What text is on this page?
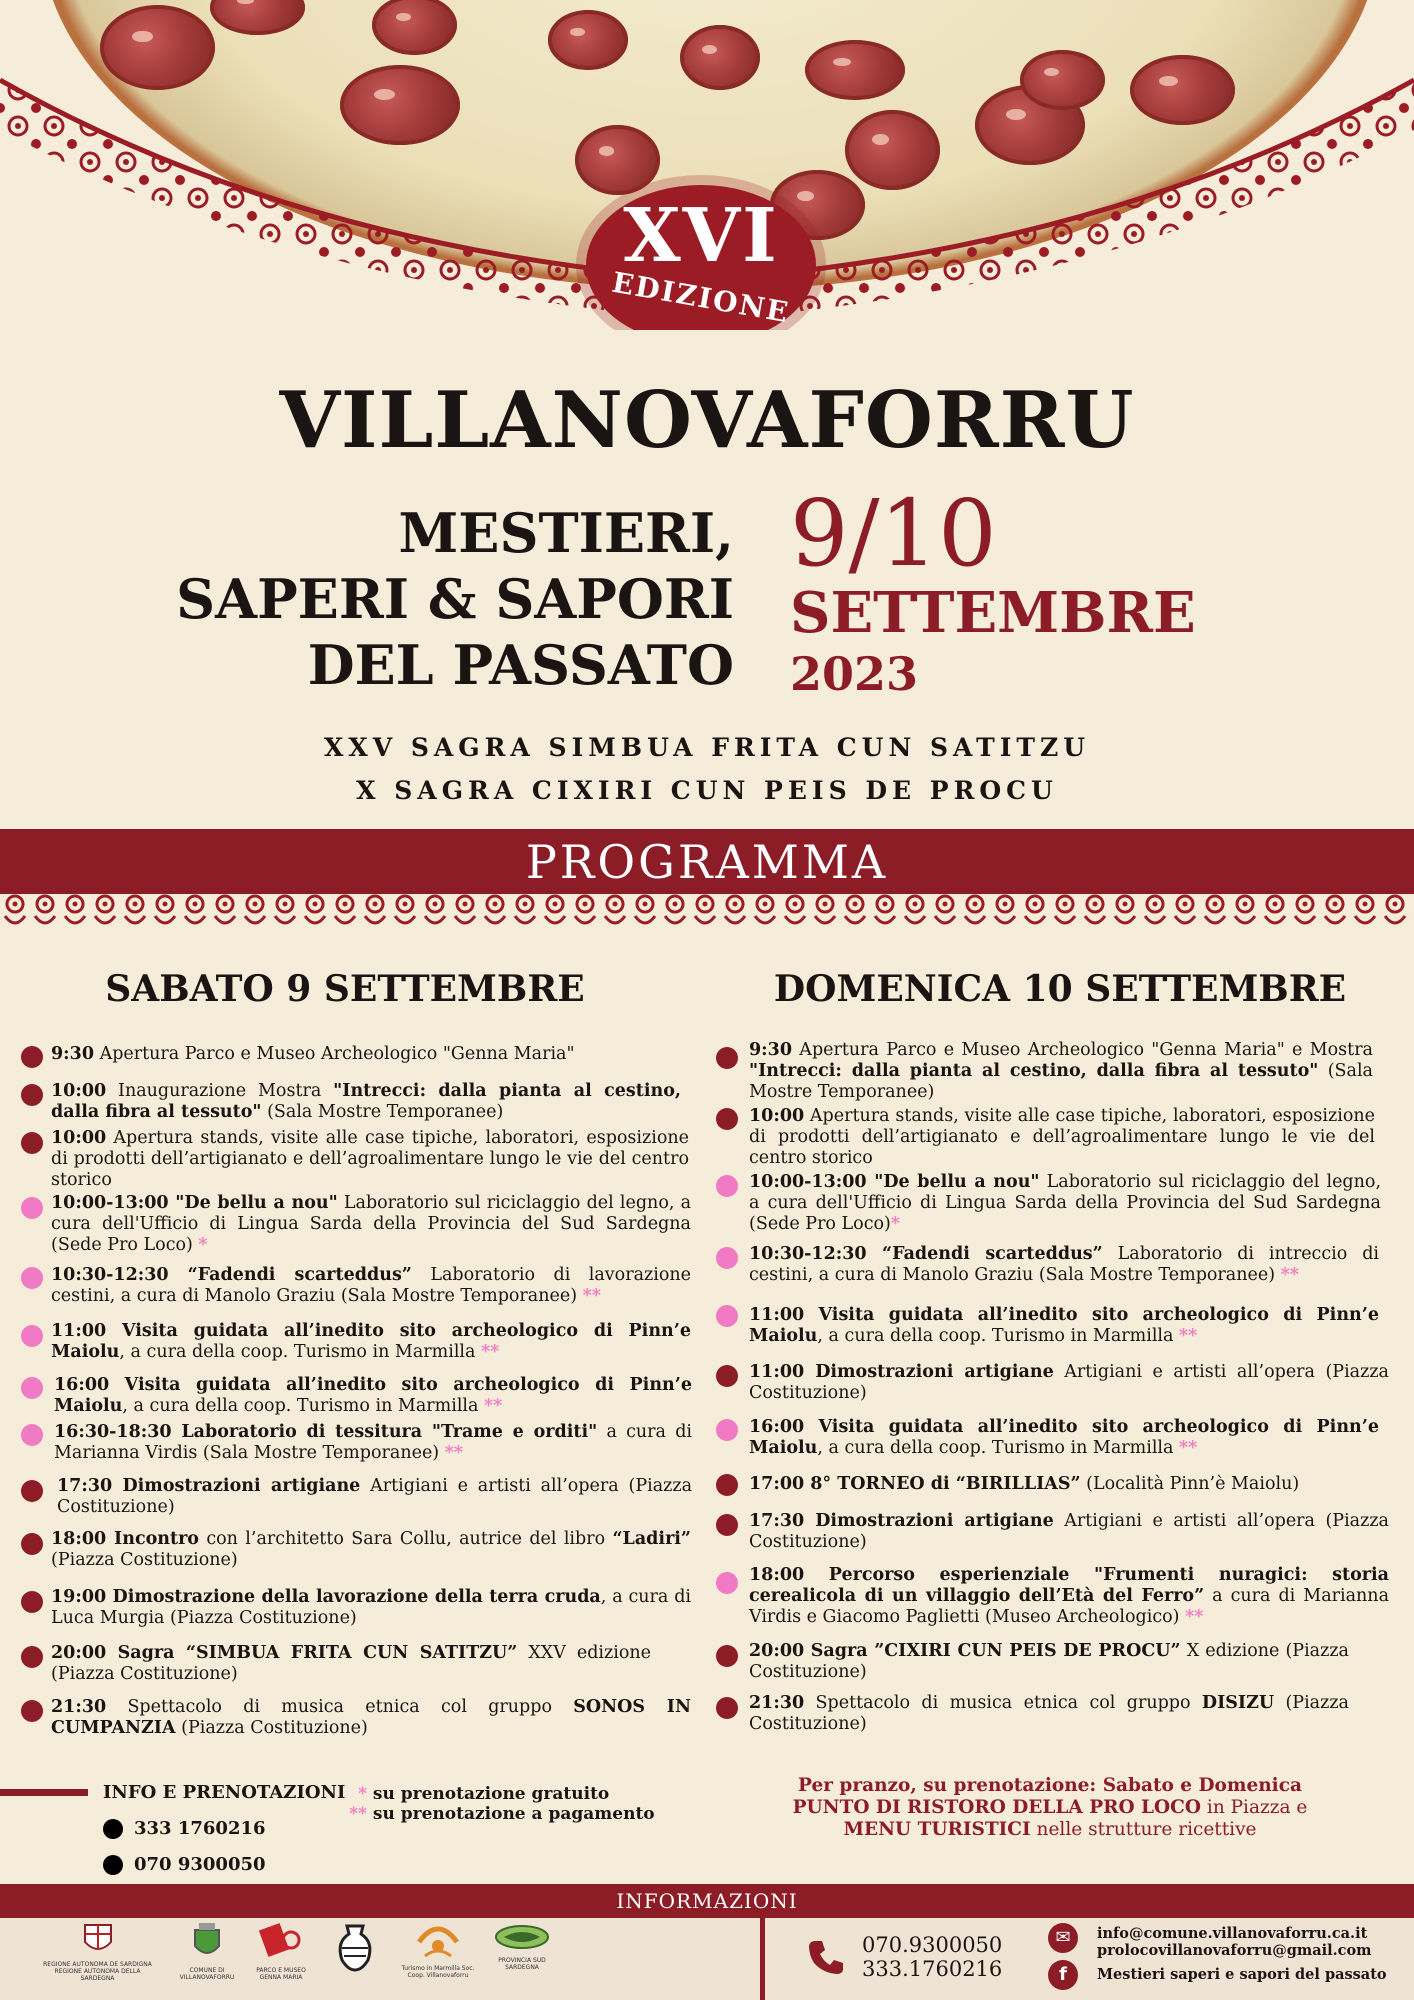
XVI
EDIZIONE
VILLANOVAFORRU
MESTIERI,
SAPERI & SAPORI
DEL PASSATO
9/10
SETTEMBRE
2023
XXV SAGRA SIMBUA FRITA CUN SATITZU
X SAGRA CIXIRI CUN PEIS DE PROCU
PROGRAMMA
SABATO 9 SETTEMBRE
9:30 Apertura Parco e Museo Archeologico "Genna Maria"
10:00 Inaugurazione Mostra "Intrecci: dalla pianta al cestino, dalla fibra al tessuto" (Sala Mostre Temporanee)
10:00 Apertura stands, visite alle case tipiche, laboratori, esposizione di prodotti dell’artigianato e dell’agroalimentare lungo le vie del centro storico
10:00-13:00 "De bellu a nou" Laboratorio sul riciclaggio del legno, a cura dell'Ufficio di Lingua Sarda della Provincia del Sud Sardegna (Sede Pro Loco) *
10:30-12:30 “Fadendi scarteddus” Laboratorio di lavorazione cestini, a cura di Manolo Graziu (Sala Mostre Temporanee) **
11:00 Visita guidata all’inedito sito archeologico di Pinn’e Maiolu, a cura della coop. Turismo in Marmilla **
16:00 Visita guidata all’inedito sito archeologico di Pinn’e Maiolu, a cura della coop. Turismo in Marmilla **
16:30-18:30 Laboratorio di tessitura "Trame e orditi" a cura di Marianna Virdis (Sala Mostre Temporanee) **
17:30 Dimostrazioni artigiane Artigiani e artisti all’opera (Piazza Costituzione)
18:00 Incontro con l’architetto Sara Collu, autrice del libro “Ladiri” (Piazza Costituzione)
19:00 Dimostrazione della lavorazione della terra cruda, a cura di Luca Murgia (Piazza Costituzione)
20:00 Sagra “SIMBUA FRITA CUN SATITZU” XXV edizione (Piazza Costituzione)
21:30 Spettacolo di musica etnica col gruppo SONOS IN CUMPANZIA (Piazza Costituzione)
DOMENICA 10 SETTEMBRE
9:30 Apertura Parco e Museo Archeologico "Genna Maria" e Mostra "Intrecci: dalla pianta al cestino, dalla fibra al tessuto" (Sala Mostre Temporanee)
10:00 Apertura stands, visite alle case tipiche, laboratori, esposizione di prodotti dell’artigianato e dell’agroalimentare lungo le vie del centro storico
10:00-13:00 "De bellu a nou" Laboratorio sul riciclaggio del legno, a cura dell'Ufficio di Lingua Sarda della Provincia del Sud Sardegna (Sede Pro Loco)*
10:30-12:30 “Fadendi scarteddus” Laboratorio di intreccio di cestini, a cura di Manolo Graziu (Sala Mostre Temporanee) **
11:00 Visita guidata all’inedito sito archeologico di Pinn’e Maiolu, a cura della coop. Turismo in Marmilla **
11:00 Dimostrazioni artigiane Artigiani e artisti all’opera (Piazza Costituzione)
16:00 Visita guidata all’inedito sito archeologico di Pinn’e Maiolu, a cura della coop. Turismo in Marmilla **
17:00 8° TORNEO di “BIRILLIAS” (Località Pinn’è Maiolu)
17:30 Dimostrazioni artigiane Artigiani e artisti all’opera (Piazza Costituzione)
18:00 Percorso esperienziale "Frumenti nuragici: storia cerealicola di un villaggio dell’Età del Ferro” a cura di Marianna Virdis e Giacomo Paglietti (Museo Archeologico) **
20:00 Sagra ”CIXIRI CUN PEIS DE PROCU” X edizione (Piazza Costituzione)
21:30 Spettacolo di musica etnica col gruppo DISIZU (Piazza Costituzione)
INFO E PRENOTAZIONI
333 1760216
070 9300050
* su prenotazione gratuito
** su prenotazione a pagamento
Per pranzo, su prenotazione: Sabato e Domenica
PUNTO DI RISTORO DELLA PRO LOCO in Piazza e
MENU TURISTICI nelle strutture ricettive
INFORMAZIONI
REGIONE AUTONOMA DE SARDIGNA REGIONE AUTONOMA DELLA SARDEGNA
COMUNE DI VILLANOVAFORRU
PARCO E MUSEO GENNA MARIA
Turismo in Marmilla Soc. Coop. Villanovaforru
PROVINCIA SUD SARDEGNA
070.9300050
333.1760216
✉	info@comune.villanovaforru.ca.it
prolocovillanovaforru@gmail.com
f	Mestieri saperi e sapori del passato
